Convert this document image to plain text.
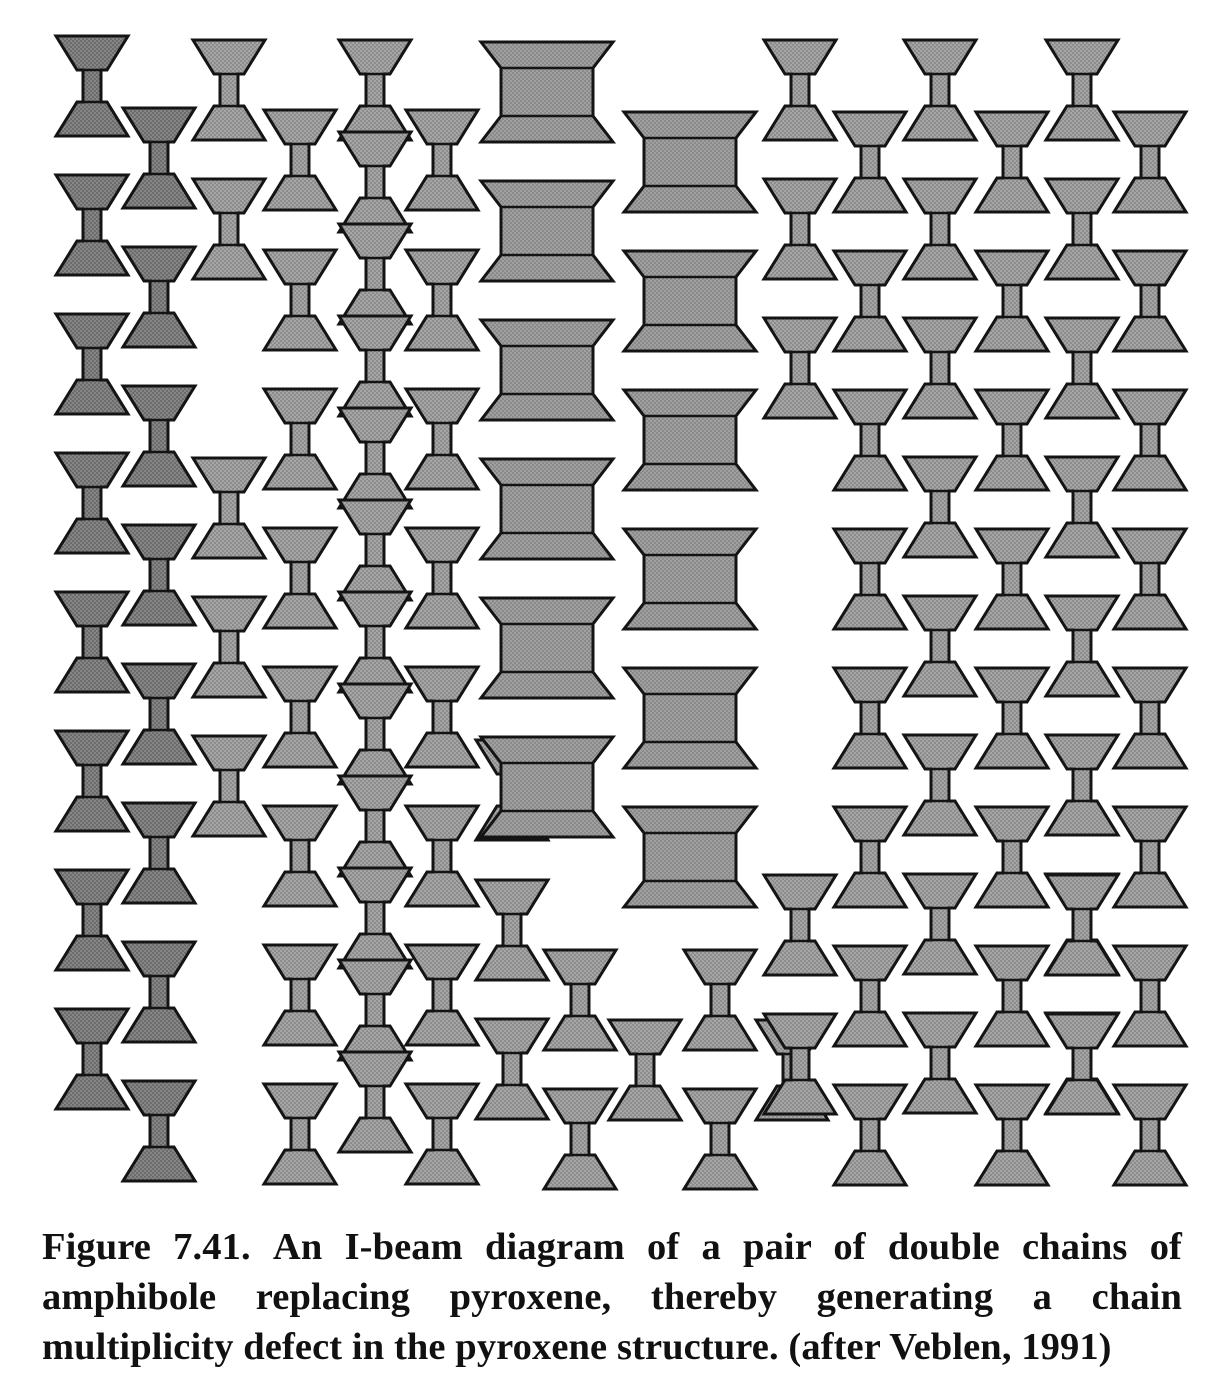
Figure 7.41. An I-beam diagram of a pair of double chains of amphibole replacing pyroxene, thereby generating a chain multiplicity defect in the pyroxene structure. (after Veblen, 1991)
